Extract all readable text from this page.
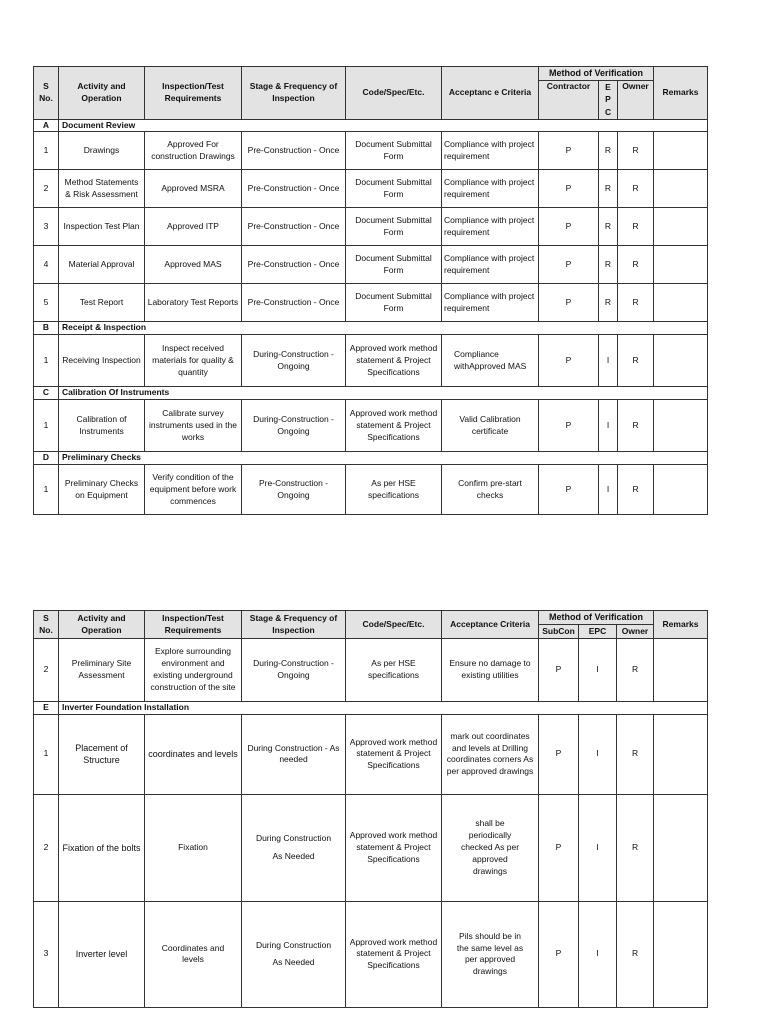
S No.	Activity and Operation	Inspection/Test Requirements	Stage & Frequency of Inspection	Code/Spec/Etc.	Acceptanc e Criteria	Method of Verification			Remarks
						Contractor	EPC	Owner	
A	Document Review								
1	Drawings	Approved For construction Drawings	Pre-Construction - Once	Document Submittal Form	Compliance with project requirement	P	R	R	
2	Method Statements & Risk Assessment	Approved MSRA	Pre-Construction - Once	Document Submittal Form	Compliance with project requirement	P	R	R	
3	Inspection Test Plan	Approved ITP	Pre-Construction - Once	Document Submittal Form	Compliance with project requirement	P	R	R	
4	Material Approval	Approved MAS	Pre-Construction - Once	Document Submittal Form	Compliance with project requirement	P	R	R	
5	Test Report	Laboratory Test Reports	Pre-Construction - Once	Document Submittal Form	Compliance with project requirement	P	R	R	
B	Receipt & Inspection								
1	Receiving Inspection	Inspect received materials for quality & quantity	During-Construction - Ongoing	Approved work method statement & Project Specifications	Compliance withApproved MAS	P	I	R	
C	Calibration Of Instruments								
1	Calibration of Instruments	Calibrate survey instruments used in the works	During-Construction - Ongoing	Approved work method statement & Project Specifications	Valid Calibration certificate	P	I	R	
D	Preliminary Checks								
1	Preliminary Checks on Equipment	Verify condition of the equipment before work commences	Pre-Construction - Ongoing	As per HSE specifications	Confirm pre-start checks	P	I	R	
S No.	Activity and Operation	Inspection/Test Requirements	Stage & Frequency of Inspection	Code/Spec/Etc.	Acceptance Criteria	Method of Verification			Remarks
						SubCon	EPC	Owner	
2	Preliminary Site Assessment	Explore surrounding environment and existing underground construction of the site	During-Construction - Ongoing	As per HSE specifications	Ensure no damage to existing utilities	P	I	R	
E	Inverter Foundation Installation								
1	Placement of Structure	coordinates and levels	During Construction - As needed	Approved work method statement & Project Specifications	mark out coordinates and levels at Drilling coordinates corners As per approved drawings	P	I	R	
2	Fixation of the bolts	Fixation	During Construction
As Needed	Approved work method statement & Project Specifications	shall be periodically checked As per approved drawings	P	I	R	
3	Inverter level	Coordinates and levels	During Construction
As Needed	Approved work method statement & Project Specifications	Pils should be in the same level as per approved drawings	P	I	R	
